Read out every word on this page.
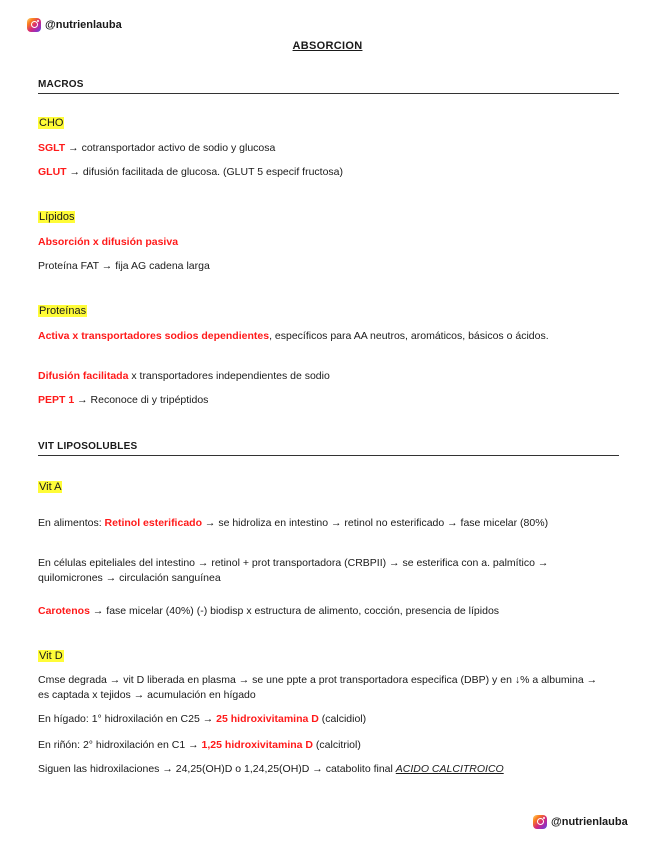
@nutrienlauba
ABSORCION
MACROS
CHO
SGLT → cotransportador activo de sodio y glucosa
GLUT → difusión facilitada de glucosa. (GLUT 5 especif fructosa)
Lípidos
Absorción x difusión pasiva
Proteína FAT → fija AG cadena larga
Proteínas
Activa x transportadores sodios dependientes, específicos para AA neutros, aromáticos, básicos o ácidos.
Difusión facilitada x transportadores independientes de sodio
PEPT 1 → Reconoce di y tripéptidos
VIT LIPOSOLUBLES
Vit A
En alimentos: Retinol esterificado → se hidroliza en intestino → retinol no esterificado → fase micelar (80%)
En células epiteliales del intestino → retinol + prot transportadora (CRBPII) → se esterifica con a. palmítico → quilomicrones → circulación sanguínea
Carotenos → fase micelar (40%) (-) biodisp x estructura de alimento, cocción, presencia de lípidos
Vit D
Cmse degrada → vit D liberada en plasma → se une ppte a prot transportadora especifica (DBP) y en ↓% a albumina → es captada x tejidos → acumulación en hígado
En hígado: 1° hidroxilación en C25 → 25 hidroxivitamina D (calcidiol)
En riñón: 2° hidroxilación en C1 → 1,25 hidroxivitamina D (calcitriol)
Siguen las hidroxilaciones → 24,25(OH)D o 1,24,25(OH)D → catabolito final ACIDO CALCITROICO
@nutrienlauba
